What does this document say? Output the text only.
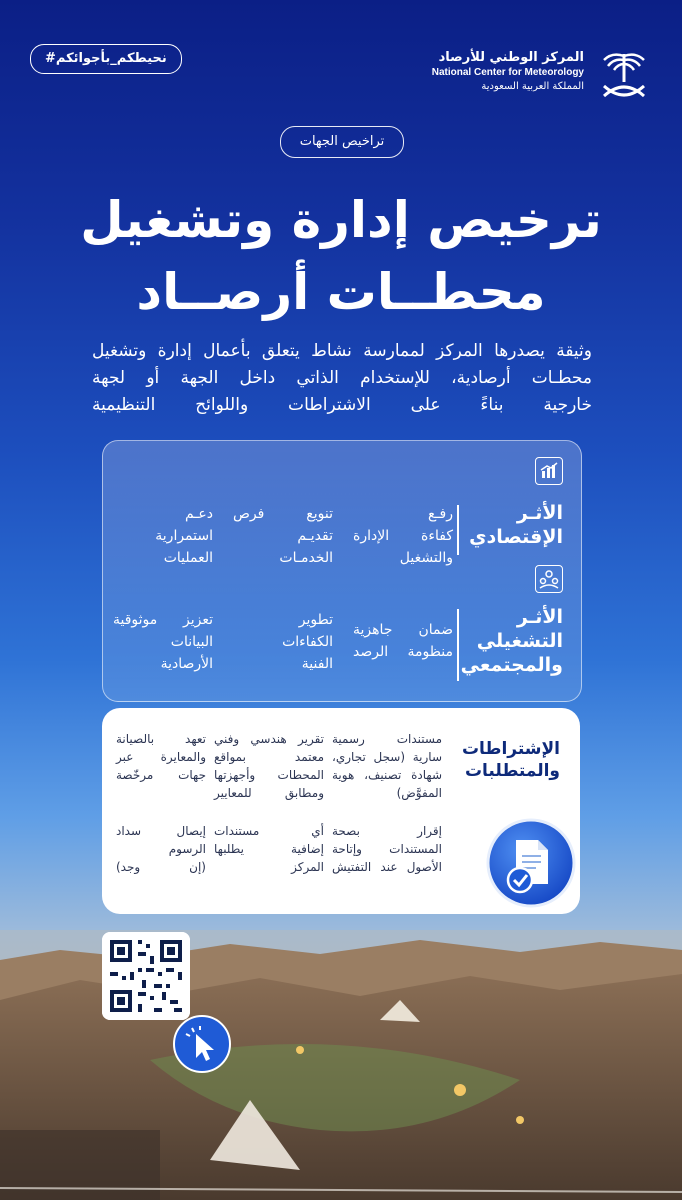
#نحيطكم_بأجوائكم	المركز الوطني للأرصاد
National Center for Meteorology
المملكة العربية السعودية
تراخيص الجهات
ترخيص إدارة وتشغيل
محطــات أرصــاد
وثيقة يصدرها المركز لممارسة نشاط يتعلق بأعمال إدارة وتشغيل
محطـات أرصادية، للإستخدام الذاتي داخل الجهة أو لجهة
خارجية بناءً على الاشتراطات واللوائح التنظيمية
الأثـر
الإقتصادي
رفـع
كفاءة الإدارة
والتشغيل
تنويع فرص
تقديـم
الخدمـات
دعـم
استمرارية
العمليات
الأثـر
التشغيلي
والمجتمعي
ضمان جاهزية
منظومة الرصد
تطوير
الكفاءات
الفنية
تعزيز موثوقية
البيانات
الأرصادية
الإشتراطات
والمتطلبات
مستندات رسمية
سارية (سجل تجاري،
شهادة تصنيف، هوية
المفوَّض)
تقرير هندسي وفني
معتمد بمواقع
المحطات وأجهزتها
ومطابق للمعايير
تعهد بالصيانة
والمعايرة عبر
جهات مرخّصة
إقرار بصحة
المستندات وإتاحة
الأصول عند التفتيش
أي مستندات
إضافية يطلبها
المركز
إيصال سداد
الرسوم
(إن وجد)
